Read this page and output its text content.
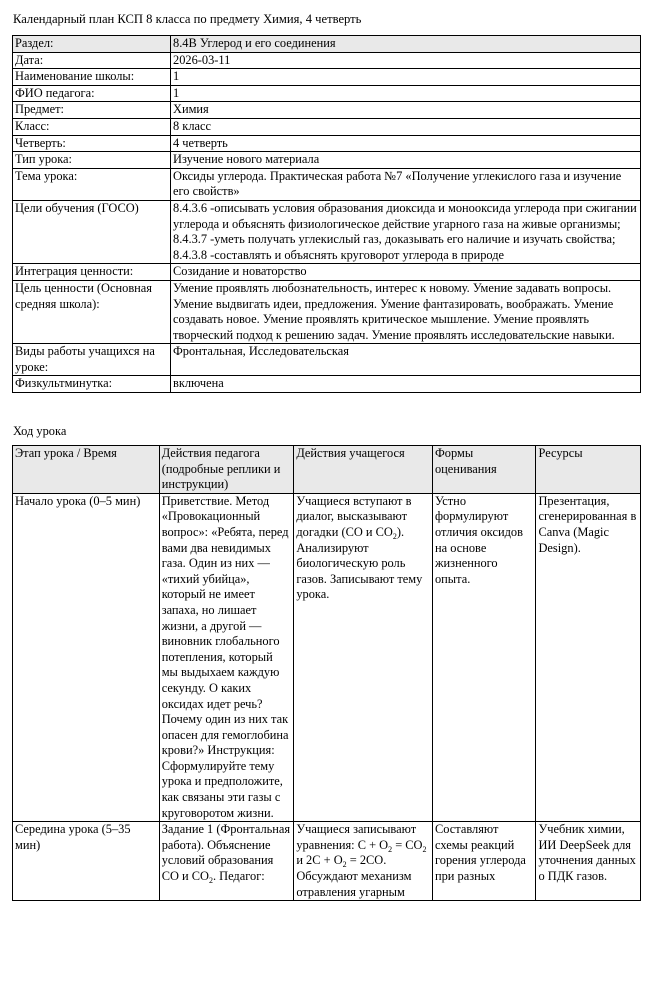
Календарный план КСП 8 класса по предмету Химия, 4 четверть
Раздел:	8.4В Углерод и его соединения
Дата:	2026-03-11
Наименование школы:	1
ФИО педагога:	1
Предмет:	Химия
Класс:	8 класс
Четверть:	4 четверть
Тип урока:	Изучение нового материала
Тема урока:	Оксиды углерода. Практическая работа №7 «Получение углекислого газа и изучение его свойств»
Цели обучения (ГОСО)	8.4.3.6 -описывать условия образования диоксида и монооксида углерода при сжигании углерода и объяснять физиологическое действие угарного газа на живые организмы; 8.4.3.7 -уметь получать углекислый газ, доказывать его наличие и изучать свойства; 8.4.3.8 -составлять и объяснять круговорот углерода в природе
Интеграция ценности:	Созидание и новаторство
Цель ценности (Основная средняя школа):	Умение проявлять любознательность, интерес к новому. Умение задавать вопросы. Умение выдвигать идеи, предложения. Умение фантазировать, воображать. Умение создавать новое. Умение проявлять критическое мышление. Умение проявлять творческий подход к решению задач. Умение проявлять исследовательские навыки.
Виды работы учащихся на уроке:	Фронтальная, Исследовательская
Физкультминутка:	включена
Ход урока
Этап урока / Время	Действия педагога (подробные реплики и инструкции)	Действия учащегося	Формы оценивания	Ресурсы
Начало урока (0–5 мин)	Приветствие. Метод «Провокационный вопрос»: «Ребята, перед вами два невидимых газа. Один из них — «тихий убийца», который не имеет запаха, но лишает жизни, а другой — виновник глобального потепления, который мы выдыхаем каждую секунду. О каких оксидах идет речь? Почему один из них так опасен для гемоглобина крови?» Инструкция: Сформулируйте тему урока и предположите, как связаны эти газы с круговоротом жизни.	Учащиеся вступают в диалог, высказывают догадки (CO и $CO_2$). Анализируют биологическую роль газов. Записывают тему урока.	Устно формулируют отличия оксидов на основе жизненного опыта.	Презентация, сгенерированная в Canva (Magic Design).
Середина урока (5–35 мин)	Задание 1 (Фронтальная работа). Объяснение условий образования CO и $CO_2$. Педагог:	Учащиеся записывают уравнения: $C + O_2 = CO_2$ и $2C + O_2 = 2CO$. Обсуждают механизм отравления угарным	Составляют схемы реакций горения углерода при разных	Учебник химии, ИИ DeepSeek для уточнения данных о ПДК газов.
